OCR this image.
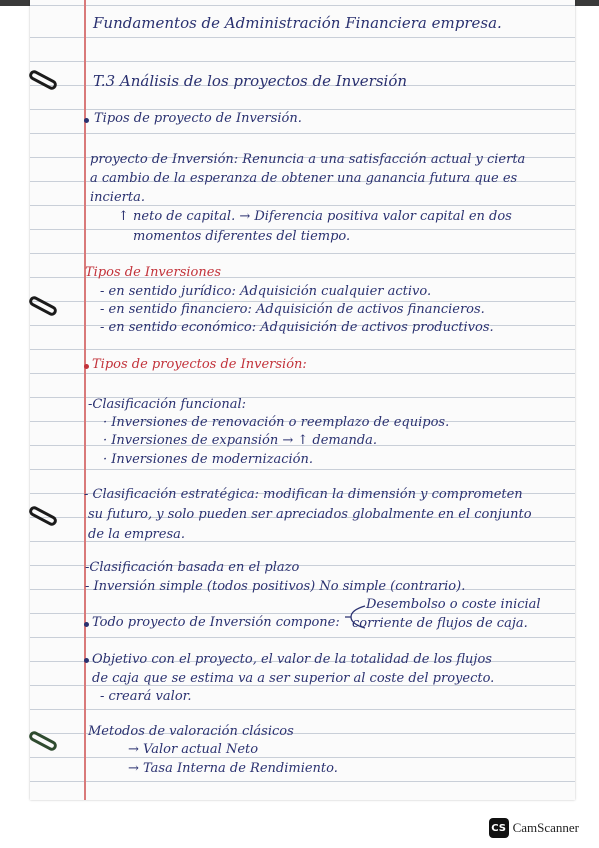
Fundamentos de Administración Financiera empresa.
T.3 Análisis de los proyectos de Inversión
Tipos de proyecto de Inversión.
proyecto de Inversión: Renuncia a una satisfacción actual y cierta
a cambio de la esperanza de obtener una ganancia futura que es
incierta.
↑ neto de capital. → Diferencia positiva valor capital en dos
momentos diferentes del tiempo.
Tipos de Inversiones
- en sentido jurídico: Adquisición cualquier activo.
- en sentido financiero: Adquisición de activos financieros.
- en sentido económico: Adquisición de activos productivos.
Tipos de proyectos de Inversión:
-Clasificación funcional:
· Inversiones de renovación o reemplazo de equipos.
· Inversiones de expansión → ↑ demanda.
· Inversiones de modernización.
- Clasificación estratégica: modifican la dimensión y comprometen
su futuro, y solo pueden ser apreciados globalmente en el conjunto
de la empresa.
-Clasificación basada en el plazo
- Inversión simple (todos positivos) No simple (contrario).
Todo proyecto de Inversión compone:
Desembolso o coste inicial
corriente de flujos de caja.
Objetivo con el proyecto, el valor de la totalidad de los flujos
de caja que se estima va a ser superior al coste del proyecto.
- creará valor.
Metodos de valoración clásicos
→ Valor actual Neto
→ Tasa Interna de Rendimiento.
CS CamScanner
